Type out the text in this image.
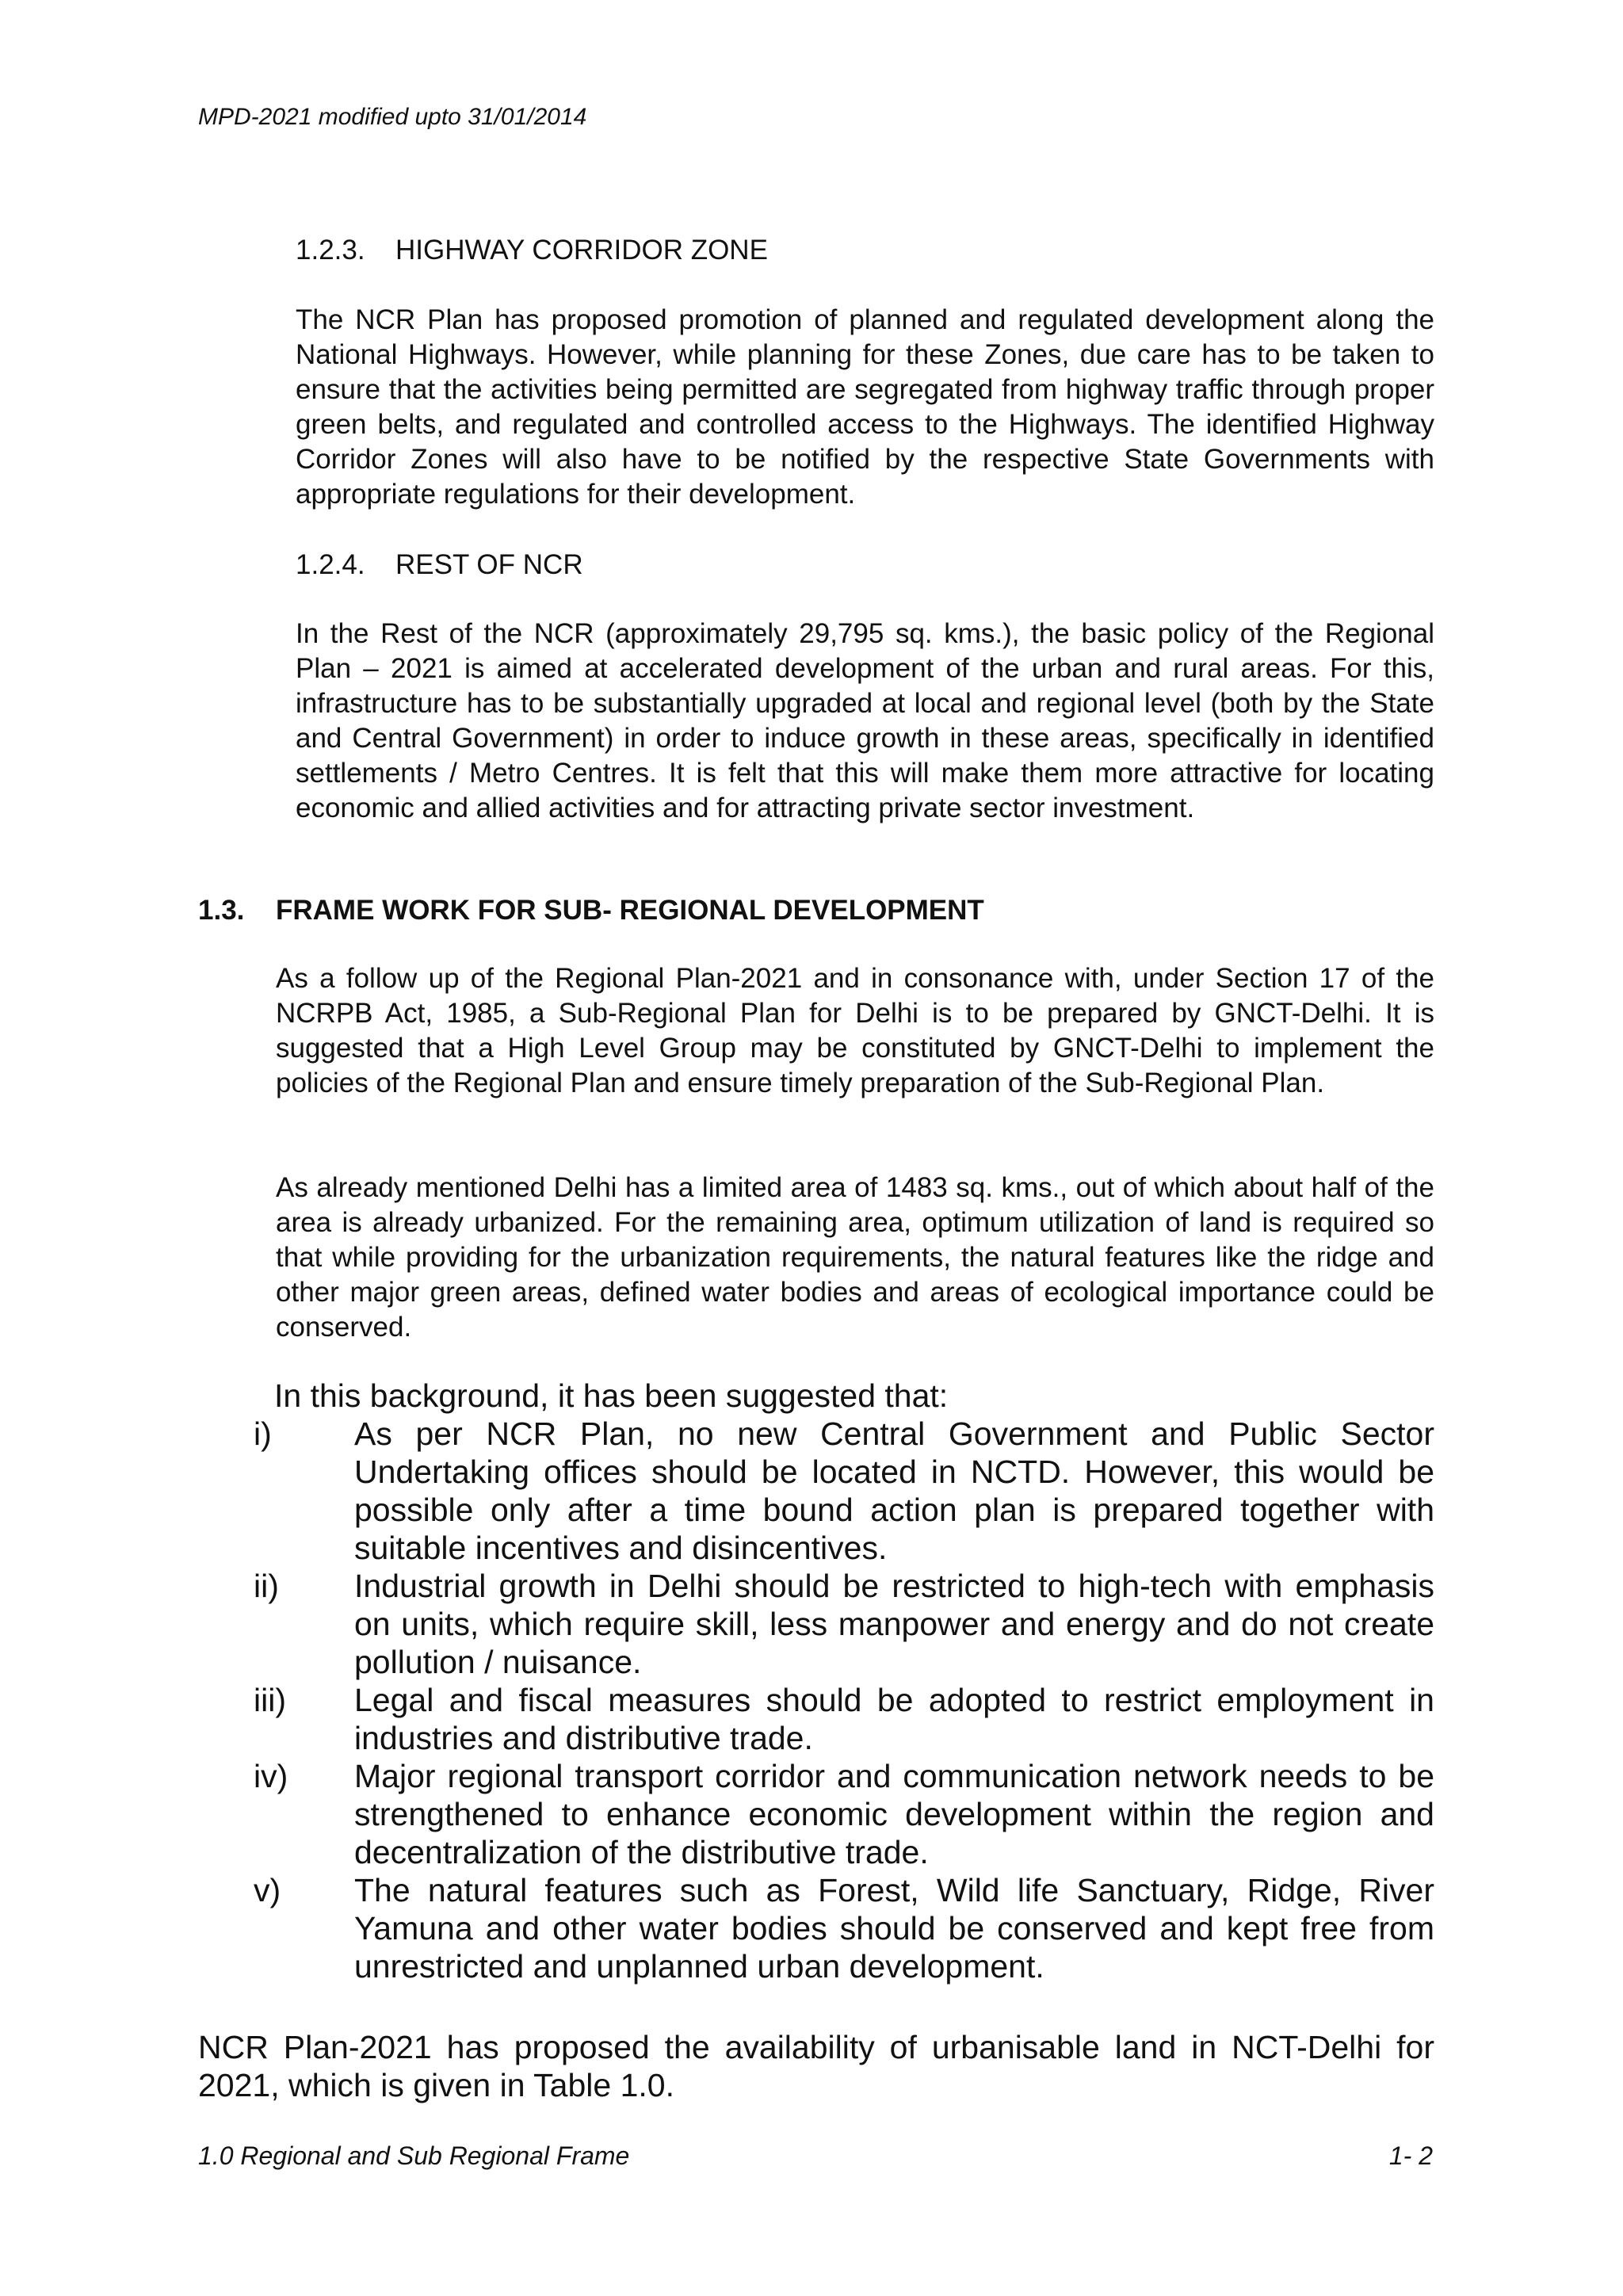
MPD-2021 modified upto 31/01/2014
1.2.3. HIGHWAY CORRIDOR ZONE
The NCR Plan has proposed promotion of planned and regulated development along the National Highways. However, while planning for these Zones, due care has to be taken to ensure that the activities being permitted are segregated from highway traffic through proper green belts, and regulated and controlled access to the Highways. The identified Highway Corridor Zones will also have to be notified by the respective State Governments with appropriate regulations for their development.
1.2.4. REST OF NCR
In the Rest of the NCR (approximately 29,795 sq. kms.), the basic policy of the Regional Plan – 2021 is aimed at accelerated development of the urban and rural areas. For this, infrastructure has to be substantially upgraded at local and regional level (both by the State and Central Government) in order to induce growth in these areas, specifically in identified settlements / Metro Centres. It is felt that this will make them more attractive for locating economic and allied activities and for attracting private sector investment.
1.3. FRAME WORK FOR SUB- REGIONAL DEVELOPMENT
As a follow up of the Regional Plan-2021 and in consonance with, under Section 17 of the NCRPB Act, 1985, a Sub-Regional Plan for Delhi is to be prepared by GNCT-Delhi. It is suggested that a High Level Group may be constituted by GNCT-Delhi to implement the policies of the Regional Plan and ensure timely preparation of the Sub-Regional Plan.
As already mentioned Delhi has a limited area of 1483 sq. kms., out of which about half of the area is already urbanized. For the remaining area, optimum utilization of land is required so that while providing for the urbanization requirements, the natural features like the ridge and other major green areas, defined water bodies and areas of ecological importance could be conserved.
In this background, it has been suggested that:
i)	As per NCR Plan, no new Central Government and Public Sector Undertaking offices should be located in NCTD. However, this would be possible only after a time bound action plan is prepared together with suitable incentives and disincentives.
ii) Industrial growth in Delhi should be restricted to high-tech with emphasis on units, which require skill, less manpower and energy and do not create pollution / nuisance.
iii) Legal and fiscal measures should be adopted to restrict employment in industries and distributive trade.
iv) Major regional transport corridor and communication network needs to be strengthened to enhance economic development within the region and decentralization of the distributive trade.
v) The natural features such as Forest, Wild life Sanctuary, Ridge, River Yamuna and other water bodies should be conserved and kept free from unrestricted and unplanned urban development.
NCR Plan-2021 has proposed the availability of urbanisable land in NCT-Delhi for 2021, which is given in Table 1.0.
1.0 Regional and Sub Regional Frame	1- 2
